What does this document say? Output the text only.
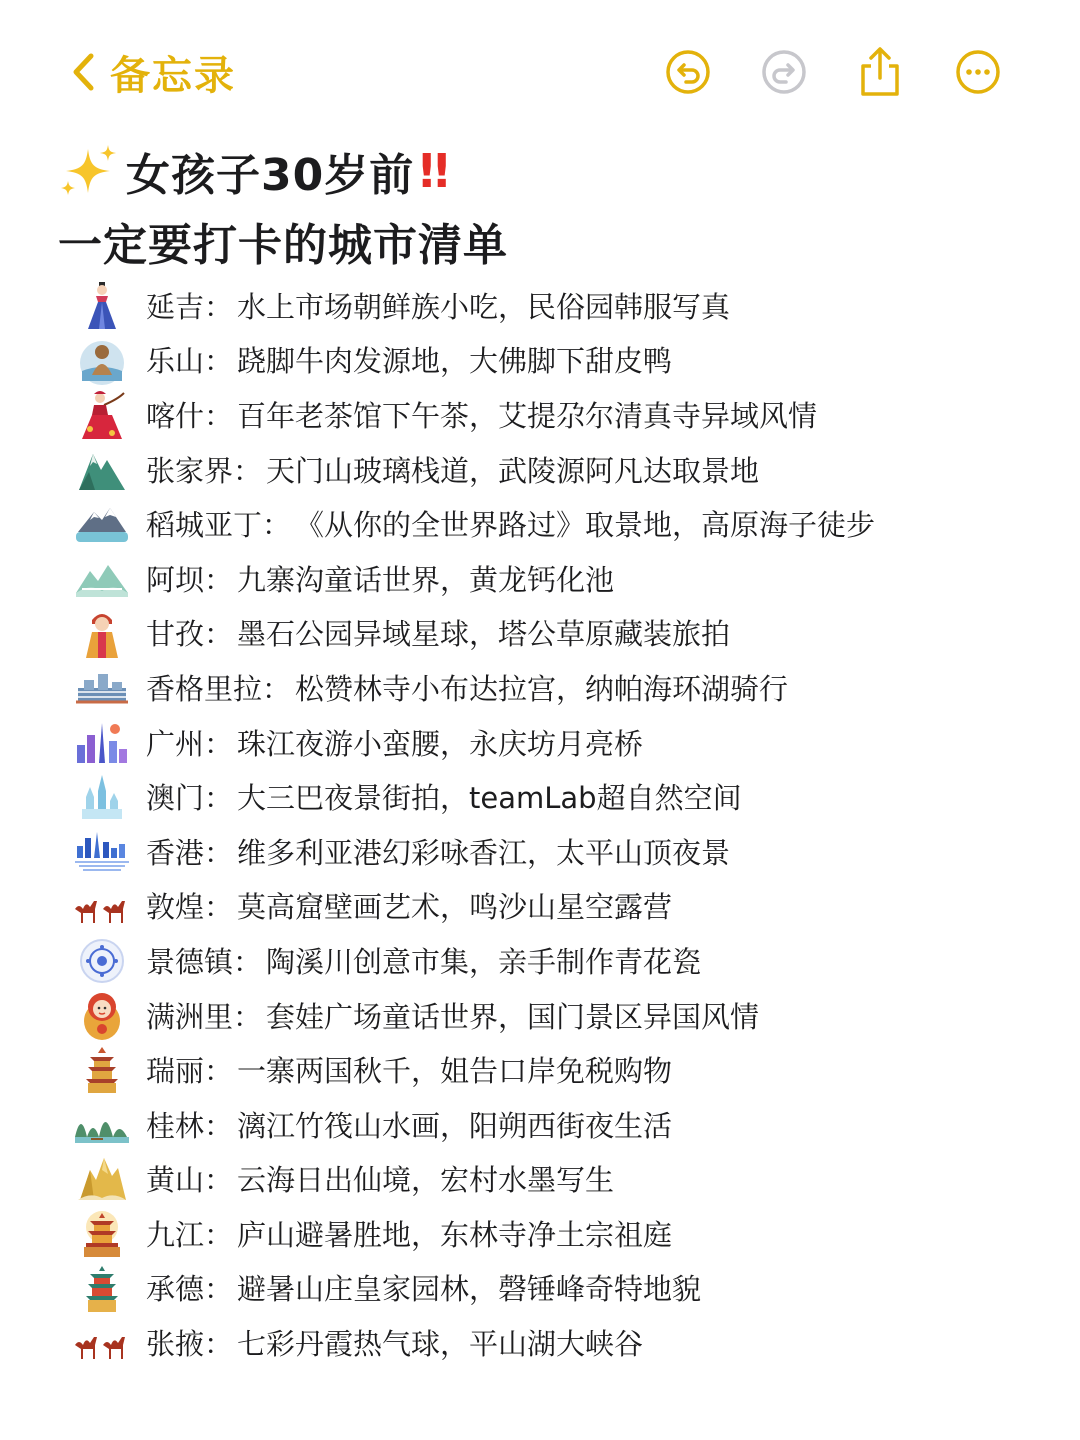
备忘录
女孩子30岁前 !!
一定要打卡的城市清单
延吉： 水上市场朝鲜族小吃，民俗园韩服写真
乐山： 跷脚牛肉发源地，大佛脚下甜皮鸭
喀什： 百年老茶馆下午茶，艾提尕尔清真寺异域风情
张家界： 天门山玻璃栈道，武陵源阿凡达取景地
稻城亚丁： 《从你的全世界路过》取景地，高原海子徒步
阿坝： 九寨沟童话世界，黄龙钙化池
甘孜： 墨石公园异域星球，塔公草原藏装旅拍
香格里拉： 松赞林寺小布达拉宫，纳帕海环湖骑行
广州： 珠江夜游小蛮腰，永庆坊月亮桥
澳门： 大三巴夜景街拍，teamLab超自然空间
香港： 维多利亚港幻彩咏香江，太平山顶夜景
敦煌： 莫高窟壁画艺术，鸣沙山星空露营
景德镇： 陶溪川创意市集，亲手制作青花瓷
满洲里： 套娃广场童话世界，国门景区异国风情
瑞丽： 一寨两国秋千，姐告口岸免税购物
桂林： 漓江竹筏山水画，阳朔西街夜生活
黄山： 云海日出仙境，宏村水墨写生
九江： 庐山避暑胜地，东林寺净土宗祖庭
承德： 避暑山庄皇家园林，磬锤峰奇特地貌
张掖： 七彩丹霞热气球，平山湖大峡谷
